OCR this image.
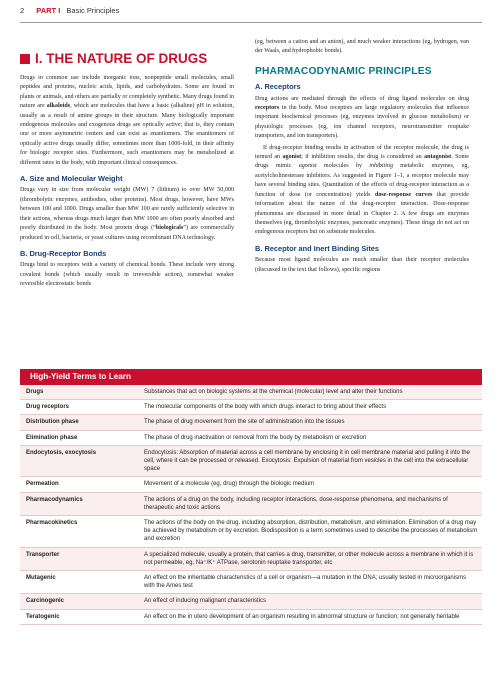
2 PART I Basic Principles
I. THE NATURE OF DRUGS

Drugs in common use include inorganic ions, nonpeptide small molecules, small peptides and proteins, nucleic acids, lipids, and carbohydrates. Some are found in plants or animals, and others are partially or completely synthetic. Many drugs found in nature are alkaloids, which are molecules that have a basic (alkaline) pH in solution, usually as a result of amine groups in their structure. Many biologically important endogenous molecules and exogenous drugs are optically active; that is, they contain one or more asymmetric centers and can exist as enantiomers. The enantiomers of optically active drugs usually differ, sometimes more than 1000-fold, in their affinity for biologic receptor sites. Furthermore, such enantiomers may be metabolized at different rates in the body, with important clinical consequences.

A. Size and Molecular Weight

Drugs vary in size from molecular weight (MW) 7 (lithium) to over MW 50,000 (thrombolytic enzymes, antibodies, other proteins). Most drugs, however, have MWs between 100 and 1000. Drugs smaller than MW 100 are rarely sufficiently selective in their actions, whereas drugs much larger than MW 1000 are often poorly absorbed and poorly distributed in the body. Most protein drugs (“biologicals”) are commercially produced in cell, bacteria, or yeast cultures using recombinant DNA technology.

B. Drug-Receptor Bonds

Drugs bind to receptors with a variety of chemical bonds. These include very strong covalent bonds (which usually result in irreversible action), somewhat weaker reversible electrostatic bonds

(eg, between a cation and an anion), and much weaker interactions (eg, hydrogen, van der Waals, and hydrophobic bonds).

PHARMACODYNAMIC PRINCIPLES
A. Receptors

Drug actions are mediated through the effects of drug ligand molecules on drug receptors in the body. Most receptors are large regulatory molecules that influence important biochemical processes (eg, enzymes involved in glucose metabolism) or physiologic processes (eg, ion channel receptors, neurotransmitter reuptake transporters, and ion transporters).

If drug-receptor binding results in activation of the receptor molecule, the drug is termed an agonist; if inhibition results, the drug is considered an antagonist. Some drugs mimic agonist molecules by inhibiting metabolic enzymes, eg, acetylcholinesterase inhibitors. As suggested in Figure 1–1, a receptor molecule may have several binding sites. Quantitation of the effects of drug-receptor interaction as a function of dose (or concentration) yields dose-response curves that provide information about the nature of the drug-receptor interaction. Dose-response phenomena are discussed in more detail in Chapter 2. A few drugs are enzymes themselves (eg, thrombolytic enzymes, pancreatic enzymes). These drugs do not act on endogenous receptors but on substrate molecules.

B. Receptor and Inert Binding Sites

Because most ligand molecules are much smaller than their receptor molecules (discussed in the text that follows), specific regions

High-Yield Terms to Learn
Drugs	Substances that act on biologic systems at the chemical (molecular) level and alter their functions
Drug receptors	The molecular components of the body with which drugs interact to bring about their effects
Distribution phase	The phase of drug movement from the site of administration into the tissues
Elimination phase	The phase of drug inactivation or removal from the body by metabolism or excretion
Endocytosis, exocytosis	Endocytosis: Absorption of material across a cell membrane by enclosing it in cell membrane material and pulling it into the cell, where it can be processed or released. Exocytosis: Expulsion of material from vesicles in the cell into the extracellular space
Permeation	Movement of a molecule (eg, drug) through the biologic medium
Pharmacodynamics	The actions of a drug on the body, including receptor interactions, dose-response phenomena, and mechanisms of therapeutic and toxic actions
Pharmacokinetics	The actions of the body on the drug, including absorption, distribution, metabolism, and elimination. Elimination of a drug may be achieved by metabolism or by excretion. Biodisposition is a term sometimes used to describe the processes of metabolism and excretion
Transporter	A specialized molecule, usually a protein, that carries a drug, transmitter, or other molecule across a membrane in which it is not permeable, eg, Na⁺/K⁺ ATPase, serotonin reuptake transporter, etc
Mutagenic	An effect on the inheritable characteristics of a cell or organism—a mutation in the DNA; usually tested in microorganisms with the Ames test
Carcinogenic	An effect of inducing malignant characteristics
Teratogenic	An effect on the in utero development of an organism resulting in abnormal structure or function; not generally heritable
